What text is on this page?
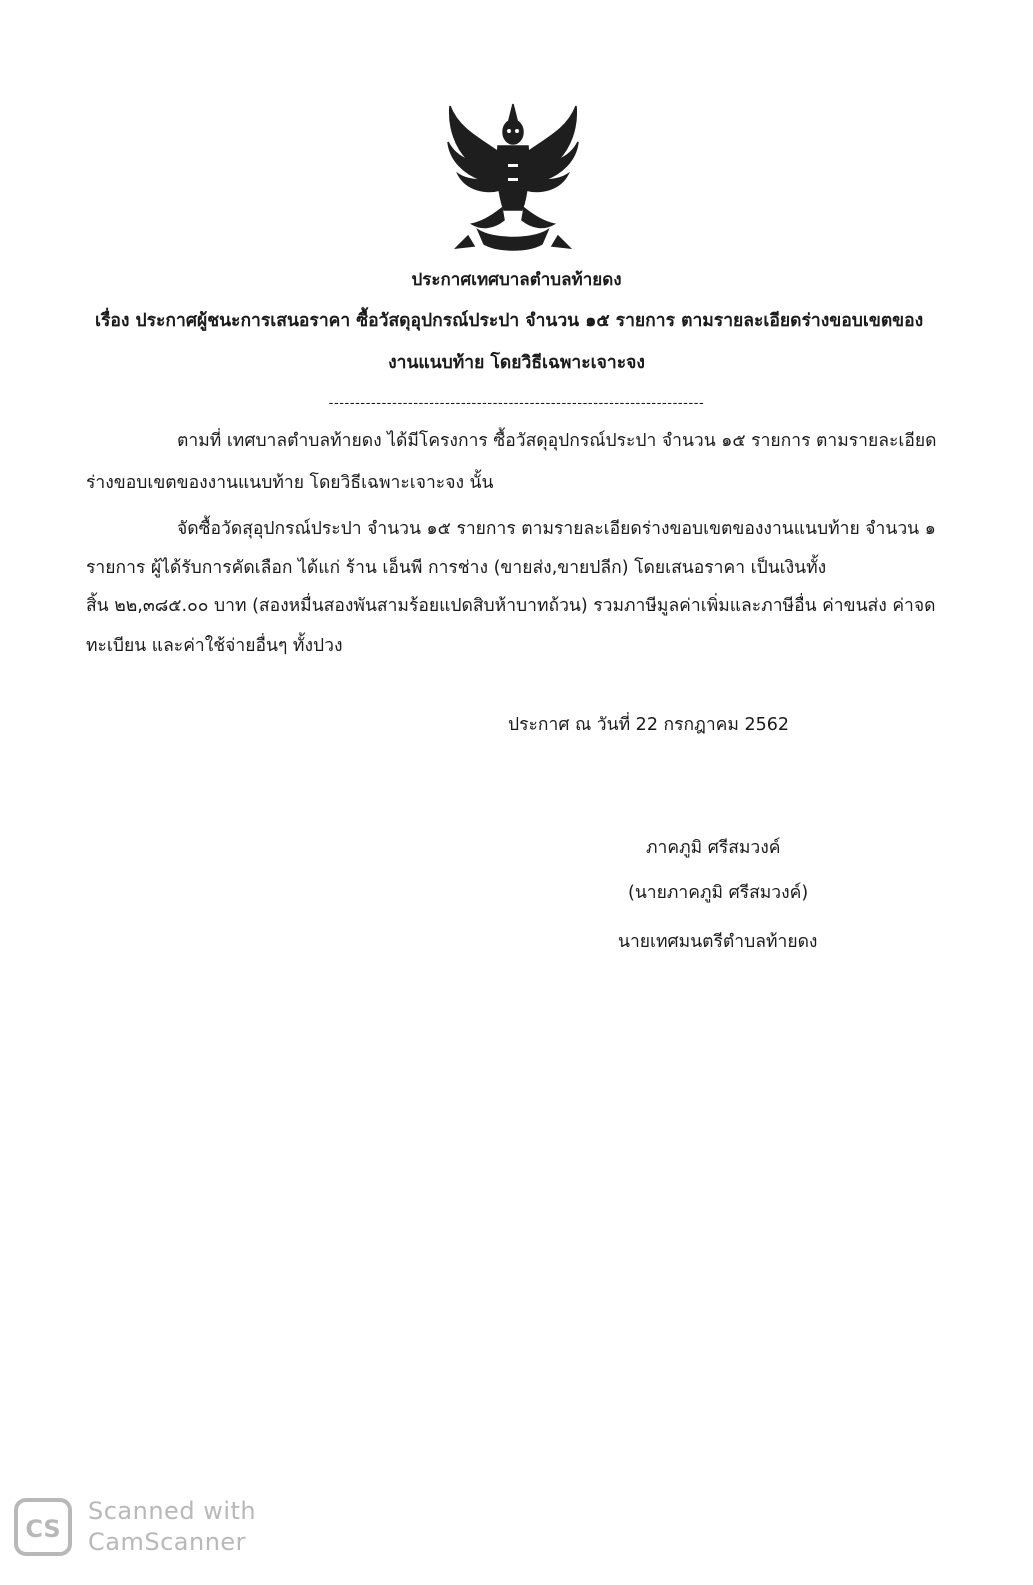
ประกาศเทศบาลตำบลท้ายดง
เรื่อง ประกาศผู้ชนะการเสนอราคา ซื้อวัสดุอุปกรณ์ประปา จำนวน ๑๕ รายการ ตามรายละเอียดร่างขอบเขตของ
งานแนบท้าย โดยวิธีเฉพาะเจาะจง
-----------------------------------------------------------------------
ตามที่ เทศบาลตำบลท้ายดง ได้มีโครงการ ซื้อวัสดุอุปกรณ์ประปา จำนวน ๑๕ รายการ ตามรายละเอียด
ร่างขอบเขตของงานแนบท้าย โดยวิธีเฉพาะเจาะจง นั้น
จัดซื้อวัดสุอุปกรณ์ประปา จำนวน ๑๕ รายการ ตามรายละเอียดร่างขอบเขตของงานแนบท้าย จำนวน ๑
รายการ ผู้ได้รับการคัดเลือก ได้แก่ ร้าน เอ็นพี การช่าง (ขายส่ง,ขายปลีก) โดยเสนอราคา เป็นเงินทั้ง
สิ้น ๒๒,๓๘๕.๐๐ บาท (สองหมื่นสองพันสามร้อยแปดสิบห้าบาทถ้วน) รวมภาษีมูลค่าเพิ่มและภาษีอื่น ค่าขนส่ง ค่าจด
ทะเบียน และค่าใช้จ่ายอื่นๆ ทั้งปวง
ประกาศ ณ วันที่ 22 กรกฎาคม 2562
ภาคภูมิ ศรีสมวงค์
(นายภาคภูมิ ศรีสมวงค์)
นายเทศมนตรีตำบลท้ายดง
CS
Scanned with
CamScanner
